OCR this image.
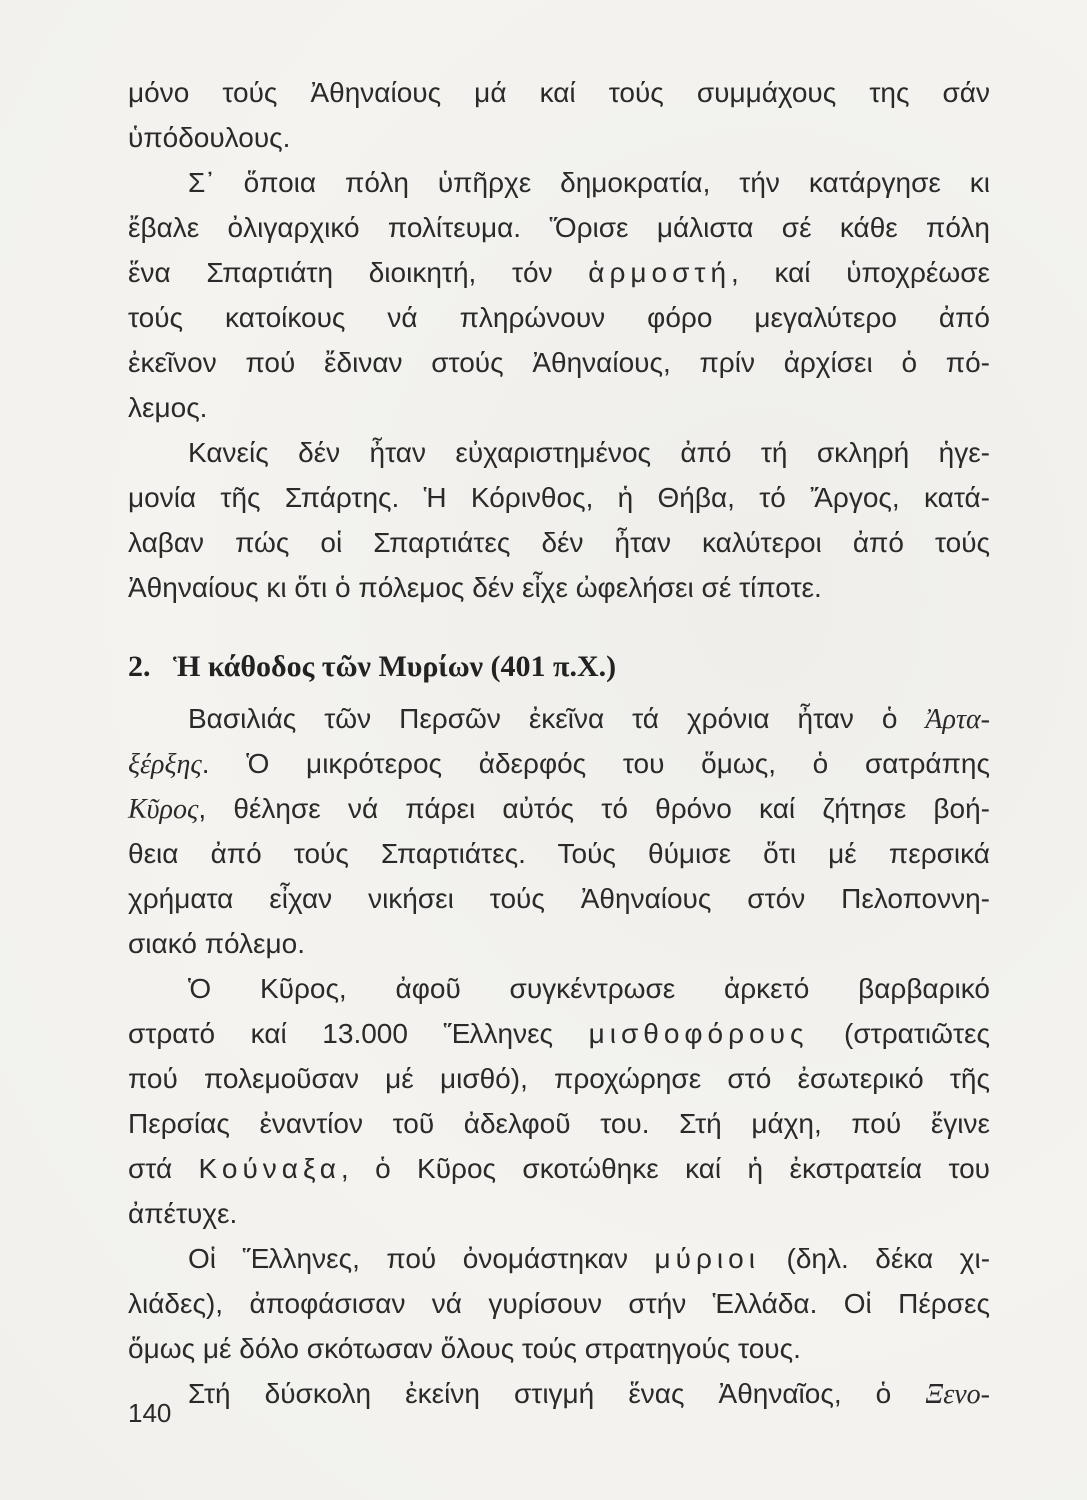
μόνο τούς Ἀθηναίους μά καί τούς συμμάχους της σάν
ὑπόδουλους.
Σ᾿ ὅποια πόλη ὑπῆρχε δημοκρατία, τήν κατάργησε κι
ἔβαλε ὀλιγαρχικό πολίτευμα. Ὅρισε μάλιστα σέ κάθε πόλη
ἕνα Σπαρτιάτη διοικητή, τόν ἁρμοστή, καί ὑποχρέωσε
τούς κατοίκους νά πληρώνουν φόρο μεγαλύτερο ἀπό
ἐκεῖνον πού ἔδιναν στούς Ἀθηναίους, πρίν ἀρχίσει ὁ πό-
λεμος.
Κανείς δέν ἦταν εὐχαριστημένος ἀπό τή σκληρή ἡγε-
μονία τῆς Σπάρτης. Ἡ Κόρινθος, ἡ Θήβα, τό Ἄργος, κατά-
λαβαν πώς οἱ Σπαρτιάτες δέν ἦταν καλύτεροι ἀπό τούς
Ἀθηναίους κι ὅτι ὁ πόλεμος δέν εἶχε ὠφελήσει σέ τίποτε.
2. Ἡ κάθοδος τῶν Μυρίων (401 π.Χ.)
Βασιλιάς τῶν Περσῶν ἐκεῖνα τά χρόνια ἦταν ὁ Ἀρτα-
ξέρξης. Ὁ μικρότερος ἀδερφός του ὅμως, ὁ σατράπης
Κῦρος, θέλησε νά πάρει αὐτός τό θρόνο καί ζήτησε βοή-
θεια ἀπό τούς Σπαρτιάτες. Τούς θύμισε ὅτι μέ περσικά
χρήματα εἶχαν νικήσει τούς Ἀθηναίους στόν Πελοποννη-
σιακό πόλεμο.
Ὁ Κῦρος, ἀφοῦ συγκέντρωσε ἀρκετό βαρβαρικό
στρατό καί 13.000 Ἕλληνες μισθοφόρους (στρατιῶτες
πού πολεμοῦσαν μέ μισθό), προχώρησε στό ἐσωτερικό τῆς
Περσίας ἐναντίον τοῦ ἀδελφοῦ του. Στή μάχη, πού ἔγινε
στά Κούναξα, ὁ Κῦρος σκοτώθηκε καί ἡ ἐκστρατεία του
ἀπέτυχε.
Οἱ Ἕλληνες, πού ὀνομάστηκαν μύριοι (δηλ. δέκα χι-
λιάδες), ἀποφάσισαν νά γυρίσουν στήν Ἑλλάδα. Οἱ Πέρσες
ὅμως μέ δόλο σκότωσαν ὅλους τούς στρατηγούς τους.
Στή δύσκολη ἐκείνη στιγμή ἕνας Ἀθηναῖος, ὁ Ξενο-
140
